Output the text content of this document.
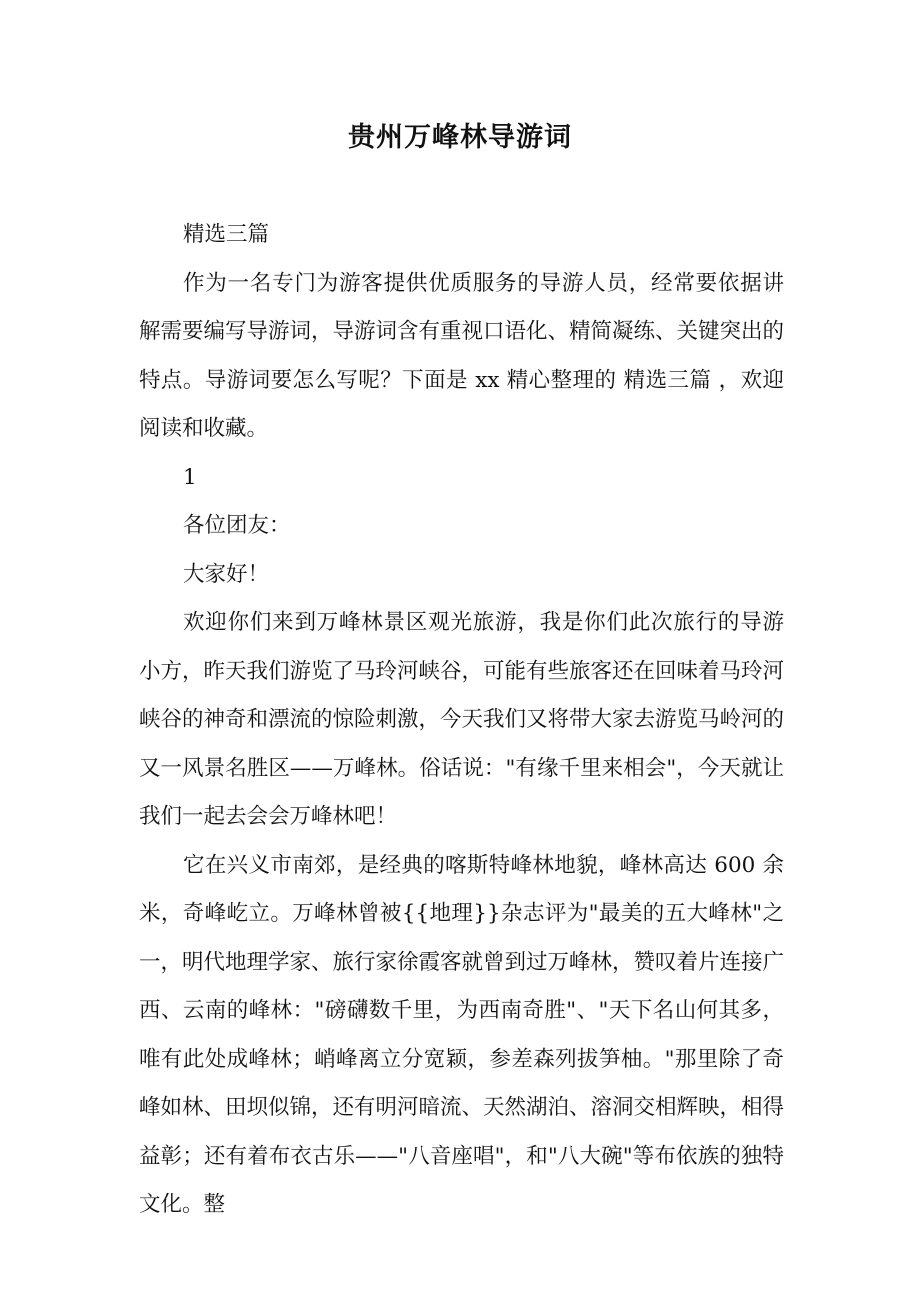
贵州万峰林导游词

精选三篇

作为一名专门为游客提供优质服务的导游人员，经常要依据讲解需要编写导游词，导游词含有重视口语化、精简凝练、关键突出的特点。导游词要怎么写呢？下面是 xx 精心整理的 精选三篇 ，欢迎阅读和收藏。

1

各位团友：

大家好！

欢迎你们来到万峰林景区观光旅游，我是你们此次旅行的导游小方，昨天我们游览了马玲河峡谷，可能有些旅客还在回味着马玲河峡谷的神奇和漂流的惊险刺激，今天我们又将带大家去游览马岭河的又一风景名胜区——万峰林。俗话说："有缘千里来相会"，今天就让我们一起去会会万峰林吧！

它在兴义市南郊，是经典的喀斯特峰林地貌，峰林高达 600 余米，奇峰屹立。万峰林曾被{{地理}}杂志评为"最美的五大峰林"之一，明代地理学家、旅行家徐霞客就曾到过万峰林，赞叹着片连接广西、云南的峰林："磅礴数千里，为西南奇胜"、"天下名山何其多，唯有此处成峰林；峭峰离立分宽颖，参差森列拔笋柚。"那里除了奇峰如林、田坝似锦，还有明河暗流、天然湖泊、溶洞交相辉映，相得益彰；还有着布衣古乐——"八音座唱"，和"八大碗"等布依族的独特文化。整
